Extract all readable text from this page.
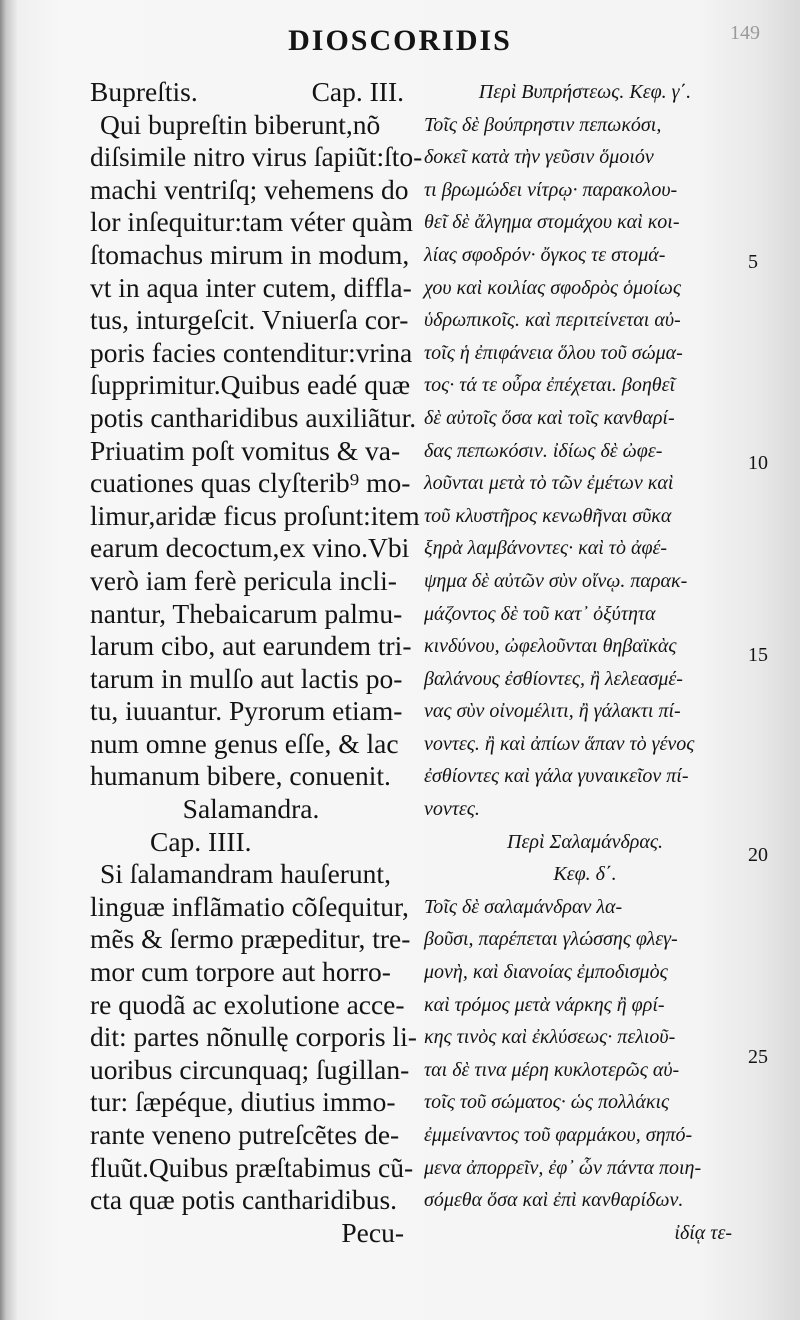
DIOSCORIDIS	149
Bupreſtis.	Cap. III.
Qui bupreſtin biberunt,nõ
diſsimile nitro virus ſapiũt:ſto-
machi ventriſq; vehemens do
lor inſequitur:tam véter quàm
ſtomachus mirum in modum,
vt in aqua inter cutem, diffla-
tus, inturgeſcit. Vniuerſa cor-
poris facies contenditur:vrina
ſupprimitur.Quibus eadé quæ
potis cantharidibus auxiliãtur.
Priuatim poſt vomitus & va-
cuationes quas clyſterib⁹ mo-
limur,aridæ ficus proſunt:item
earum decoctum,ex vino.Vbi
verò iam ferè pericula incli-
nantur, Thebaicarum palmu-
larum cibo, aut earundem tri-
tarum in mulſo aut lactis po-
tu, iuuantur. Pyrorum etiam-
num omne genus eſſe, & lac
humanum bibere, conuenit.
Salamandra.
Cap. IIII.
Si ſalamandram hauſerunt,
linguæ inflãmatio cõſequitur,
mẽs & ſermo præpeditur, tre-
mor cum torpore aut horro-
re quodã ac exolutione acce-
dit: partes nõnullę corporis li-
uoribus circunquaq; ſugillan-
tur: ſæpéque, diutius immo-
rante veneno putreſcẽtes de-
fluũt.Quibus præſtabimus cũ-
cta quæ potis cantharidibus.
Pecu-
Περὶ Βυπρήστεως. Κεφ. γ΄.
Τοῖς δὲ βούπρηστιν πεπωκόσι,
δοκεῖ κατὰ τὴν γεῦσιν ὅμοιόν
τι βρωμώδει νίτρῳ· παρακολου-
θεῖ δὲ ἄλγημα στομάχου καὶ κοι-
λίας σφοδρόν· ὄγκος τε στομά-
χου καὶ κοιλίας σφοδρὸς ὁμοίως
ὑδρωπικοῖς. καὶ περιτείνεται αὐ-
τοῖς ἡ ἐπιφάνεια ὅλου τοῦ σώμα-
τος· τά τε οὖρα ἐπέχεται. βοηθεῖ
δὲ αὐτοῖς ὅσα καὶ τοῖς κανθαρί-
δας πεπωκόσιν. ἰδίως δὲ ὠφε-
λοῦνται μετὰ τὸ τῶν ἐμέτων καὶ
τοῦ κλυστῆρος κενωθῆναι σῦκα
ξηρὰ λαμβάνοντες· καὶ τὸ ἀφέ-
ψημα δὲ αὐτῶν σὺν οἴνῳ. παρακ-
μάζοντος δὲ τοῦ κατ᾽ ὀξύτητα
κινδύνου, ὠφελοῦνται θηβαϊκὰς
βαλάνους ἐσθίοντες, ἢ λελεασμέ-
νας σὺν οἰνομέλιτι, ἢ γάλακτι πί-
νοντες. ἢ καὶ ἀπίων ἅπαν τὸ γένος
ἐσθίοντες καὶ γάλα γυναικεῖον πί-
νοντες.
Περὶ Σαλαμάνδρας.
Κεφ. δ΄.
Τοῖς δὲ σαλαμάνδραν λα-
βοῦσι, παρέπεται γλώσσης φλεγ-
μονὴ, καὶ διανοίας ἐμποδισμὸς
καὶ τρόμος μετὰ νάρκης ἢ φρί-
κης τινὸς καὶ ἐκλύσεως· πελιοῦ-
ται δὲ τινα μέρη κυκλοτερῶς αὐ-
τοῖς τοῦ σώματος· ὡς πολλάκις
ἐμμείναντος τοῦ φαρμάκου, σηπό-
μενα ἀπορρεῖν, ἐφ᾽ ὧν πάντα ποιη-
σόμεθα ὅσα καὶ ἐπὶ κανθαρίδων.
ἰδίᾳ τε-
5
10
15
20
25
